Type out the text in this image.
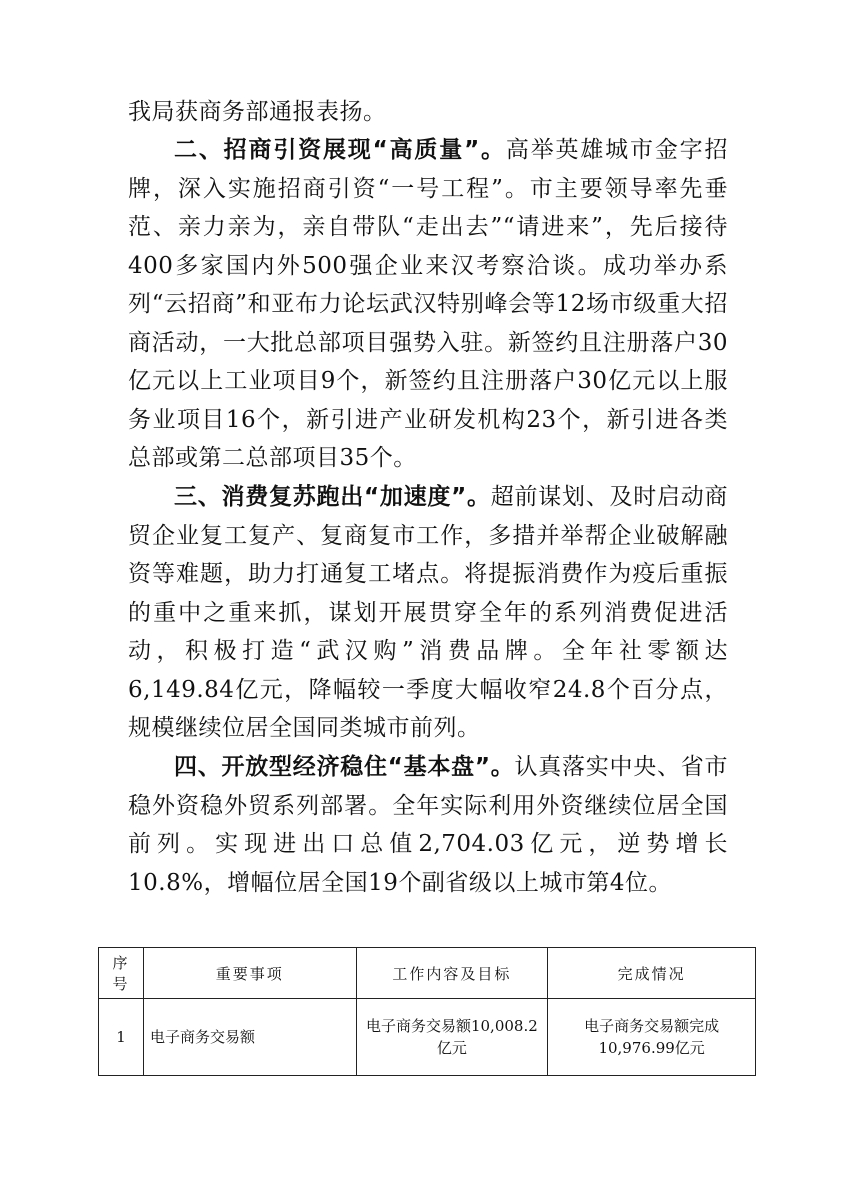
我局获商务部通报表扬。

二、招商引资展现“高质量”。高举英雄城市金字招牌，深入实施招商引资“一号工程”。市主要领导率先垂范、亲力亲为，亲自带队“走出去”“请进来”，先后接待400多家国内外500强企业来汉考察洽谈。成功举办系列“云招商”和亚布力论坛武汉特别峰会等12场市级重大招商活动，一大批总部项目强势入驻。新签约且注册落户30亿元以上工业项目9个，新签约且注册落户30亿元以上服务业项目16个，新引进产业研发机构23个，新引进各类总部或第二总部项目35个。

三、消费复苏跑出“加速度”。超前谋划、及时启动商贸企业复工复产、复商复市工作，多措并举帮企业破解融资等难题，助力打通复工堵点。将提振消费作为疫后重振的重中之重来抓，谋划开展贯穿全年的系列消费促进活动，积极打造“武汉购”消费品牌。全年社零额达6,149.84亿元，降幅较一季度大幅收窄24.8个百分点，规模继续位居全国同类城市前列。

四、开放型经济稳住“基本盘”。认真落实中央、省市稳外资稳外贸系列部署。全年实际利用外资继续位居全国前列。实现进出口总值2,704.03亿元，逆势增长10.8%，增幅位居全国19个副省级以上城市第4位。

序号	重要事项	工作内容及目标	完成情况
1	电子商务交易额	电子商务交易额10,008.2亿元	电子商务交易额完成10,976.99亿元
